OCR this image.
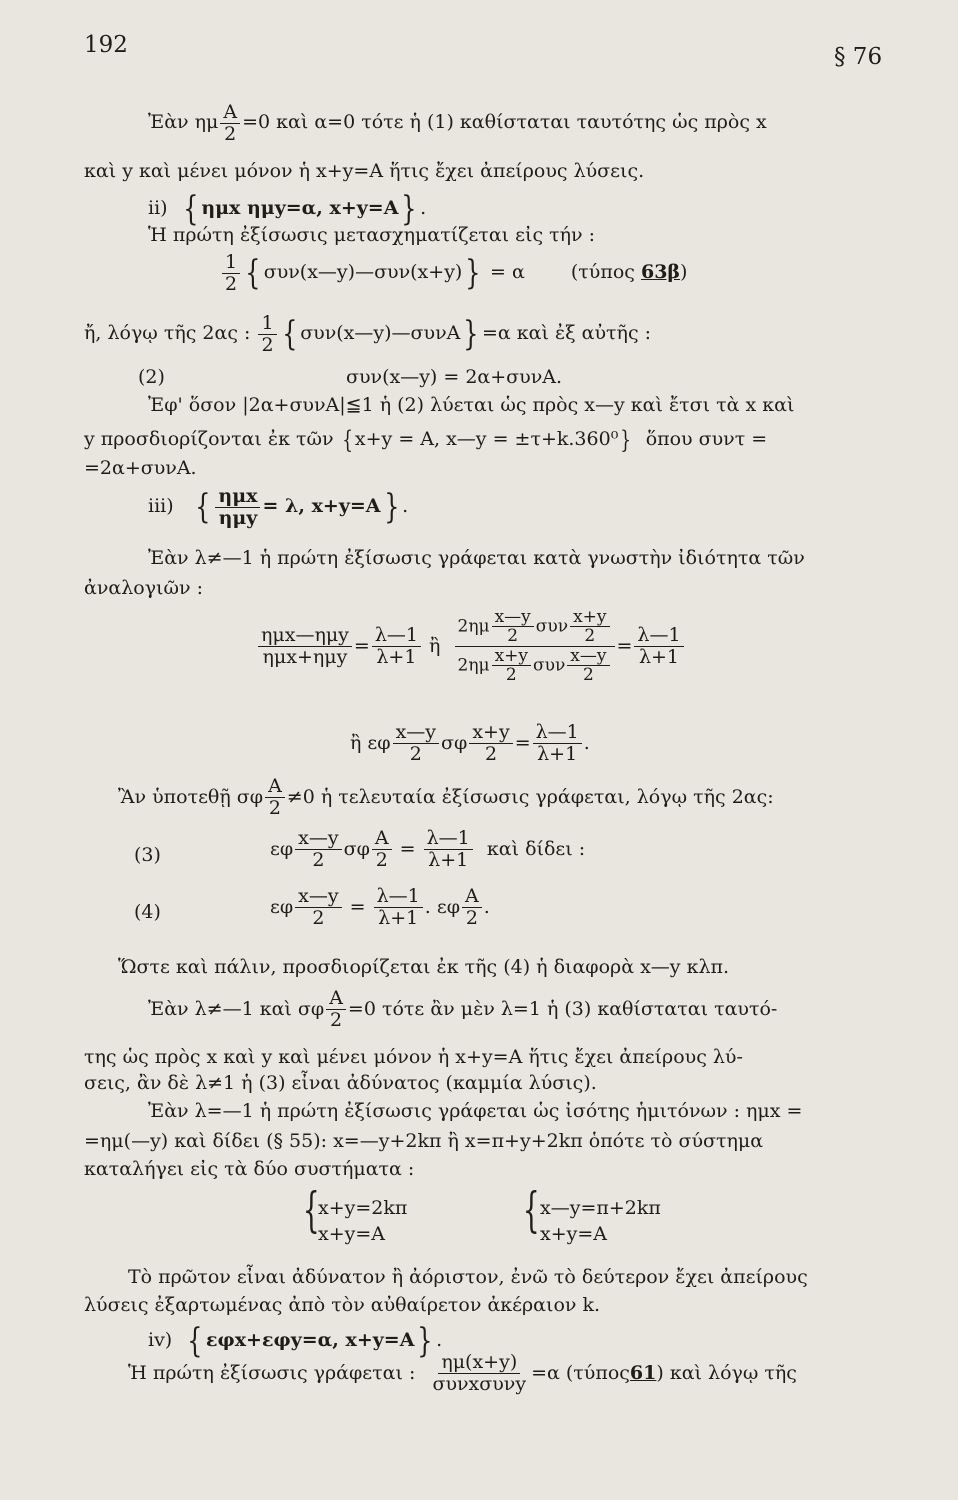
192	§ 76
Ἐὰν ημ $\frac{A}{2} =0$ καὶ α=0 τότε ἡ (1) καθίσταται ταυτότης ὡς πρὸς x
καὶ y καὶ μένει μόνον ἡ x+y=A ἥτις ἔχει ἀπείρους λύσεις.
ii) { ημx ημy=α, x+y=A} .
Ἡ πρώτη ἐξίσωσις μετασχηματίζεται εἰς τήν :
$\frac{1}{2}$ { συν(x—y)—συν(x+y)} = α (τύπος 63β)
ἤ, λόγῳ τῆς 2ας : $\frac{1}{2}$ { συν(x—y)—συνA} =α καὶ ἐξ αὐτῆς :
(2)	συν(x—y) = 2α+συνA.
Ἐφ' ὅσον |2α+συνA|≦1 ἡ (2) λύεται ὡς πρὸς x—y καὶ ἔτσι τὰ x καὶ
y προσδιορίζονται ἐκ τῶν { x+y = A, x—y = ±τ+k.360⁰} ὅπου συντ =
=2α+συνA.
iii) { ημx
ημy
= λ, x+y=A} .
Ἐὰν λ≠—1 ἡ πρώτη ἐξίσωσις γράφεται κατὰ γνωστὴν ἰδιότητα τῶν
ἀναλογιῶν :
ημx—ημy
$\eta\mu x+\eta\mu y = \frac{\lambda—1}{\lambda+1}$
ἢ

$2\eta\mu \frac{x—y}{2}$ συν $\frac{x+y}{2}$
$2\eta\mu \frac{x+y}{2}$ συν $\frac{x—y}{2}$
= $\frac{\lambda—1}{\lambda+1}$
ἢ εφ x—y
2 σφ $\frac{x+y}{2} = \frac{\lambda—1}{\lambda+1}$ .
Ἂν ὑποτεθῇ σφ A
2 ≠0 ἡ τελευταία ἐξίσωσις γράφεται, λόγῳ τῆς 2ας:
(3)	εφ x—y
2 σφ $\frac{A}{2}$
=
$\frac{\lambda—1}{\lambda+1}$
καὶ δίδει :
(4)	εφ $\frac{x—y}{2}$
=
$\frac{\lambda—1}{\lambda+1}$ . εφ A
2 .
Ὥστε καὶ πάλιν, προσδιορίζεται ἐκ τῆς (4) ἡ διαφορὰ x—y κλπ.
Ἐὰν λ≠—1 καὶ σφ $\frac{A}{2} =0$ τότε ἂν μὲν λ=1 ἡ (3) καθίσταται ταυτό-
της ὡς πρὸς x καὶ y καὶ μένει μόνον ἡ x+y=A ἥτις ἔχει ἀπείρους λύ-
σεις, ἂν δὲ λ≠1 ἡ (3) εἶναι ἀδύνατος (καμμία λύσις).
Ἐὰν λ=—1 ἡ πρώτη ἐξίσωσις γράφεται ὡς ἰσότης ἡμιτόνων : ημx =
=ημ(—y) καὶ δίδει (§ 55): x=—y+2kπ ἢ x=π+y+2kπ ὁπότε τὸ σύστημα
καταλήγει εἰς τὰ δύο συστήματα :
{
x+y=2kπ
x+y=A	{ x—y=π+2kπ
x+y=A
Τὸ πρῶτον εἶναι ἀδύνατον ἢ ἀόριστον, ἐνῶ τὸ δεύτερον ἔχει ἀπείρους
λύσεις ἐξαρτωμένας ἀπὸ τὸν αὐθαίρετον ἀκέραιον k.
iv) { εφx+εφy=α, x+y=A} .
Ἡ πρώτη ἐξίσωσις γράφεται :
ημ(x+y)
συνxσυνy =α (τύπος 61 ) καὶ λόγῳ τῆς
